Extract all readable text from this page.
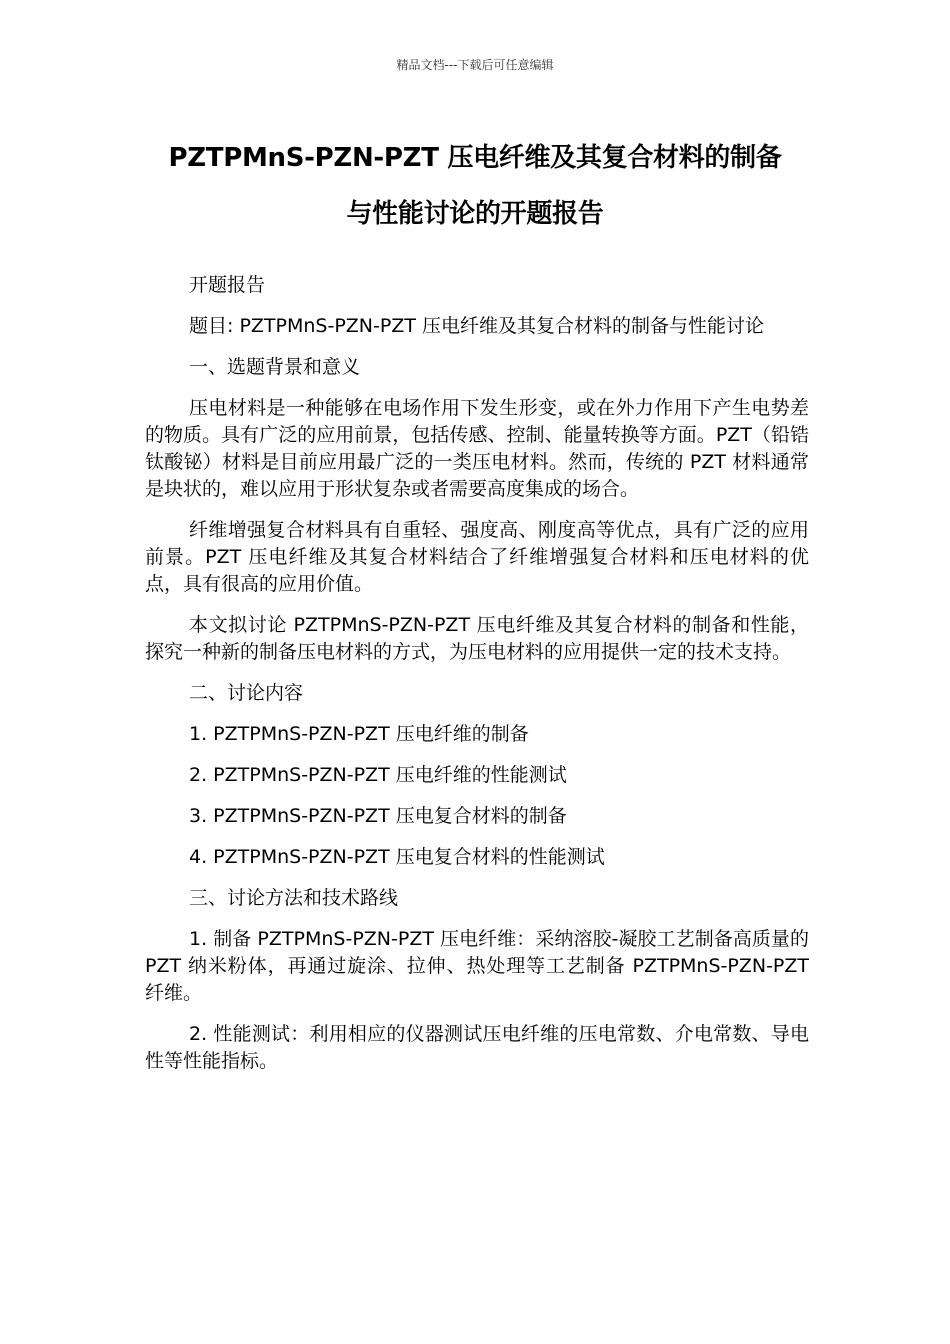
精品文档---下载后可任意编辑
PZTPMnS-PZN-PZT 压电纤维及其复合材料的制备
与性能讨论的开题报告

开题报告

题目: PZTPMnS-PZN-PZT 压电纤维及其复合材料的制备与性能讨论

一、选题背景和意义

压电材料是一种能够在电场作用下发生形变，或在外力作用下产生电势差的物质。具有广泛的应用前景，包括传感、控制、能量转换等方面。PZT（铅锆钛酸铋）材料是目前应用最广泛的一类压电材料。然而，传统的 PZT 材料通常是块状的，难以应用于形状复杂或者需要高度集成的场合。

纤维增强复合材料具有自重轻、强度高、刚度高等优点，具有广泛的应用前景。PZT 压电纤维及其复合材料结合了纤维增强复合材料和压电材料的优点，具有很高的应用价值。

本文拟讨论 PZTPMnS-PZN-PZT 压电纤维及其复合材料的制备和性能，探究一种新的制备压电材料的方式，为压电材料的应用提供一定的技术支持。

二、讨论内容

1. PZTPMnS-PZN-PZT 压电纤维的制备

2. PZTPMnS-PZN-PZT 压电纤维的性能测试

3. PZTPMnS-PZN-PZT 压电复合材料的制备

4. PZTPMnS-PZN-PZT 压电复合材料的性能测试

三、讨论方法和技术路线

1. 制备 PZTPMnS-PZN-PZT 压电纤维：采纳溶胶-凝胶工艺制备高质量的 PZT 纳米粉体，再通过旋涂、拉伸、热处理等工艺制备 PZTPMnS-PZN-PZT 纤维。

2. 性能测试：利用相应的仪器测试压电纤维的压电常数、介电常数、导电性等性能指标。
